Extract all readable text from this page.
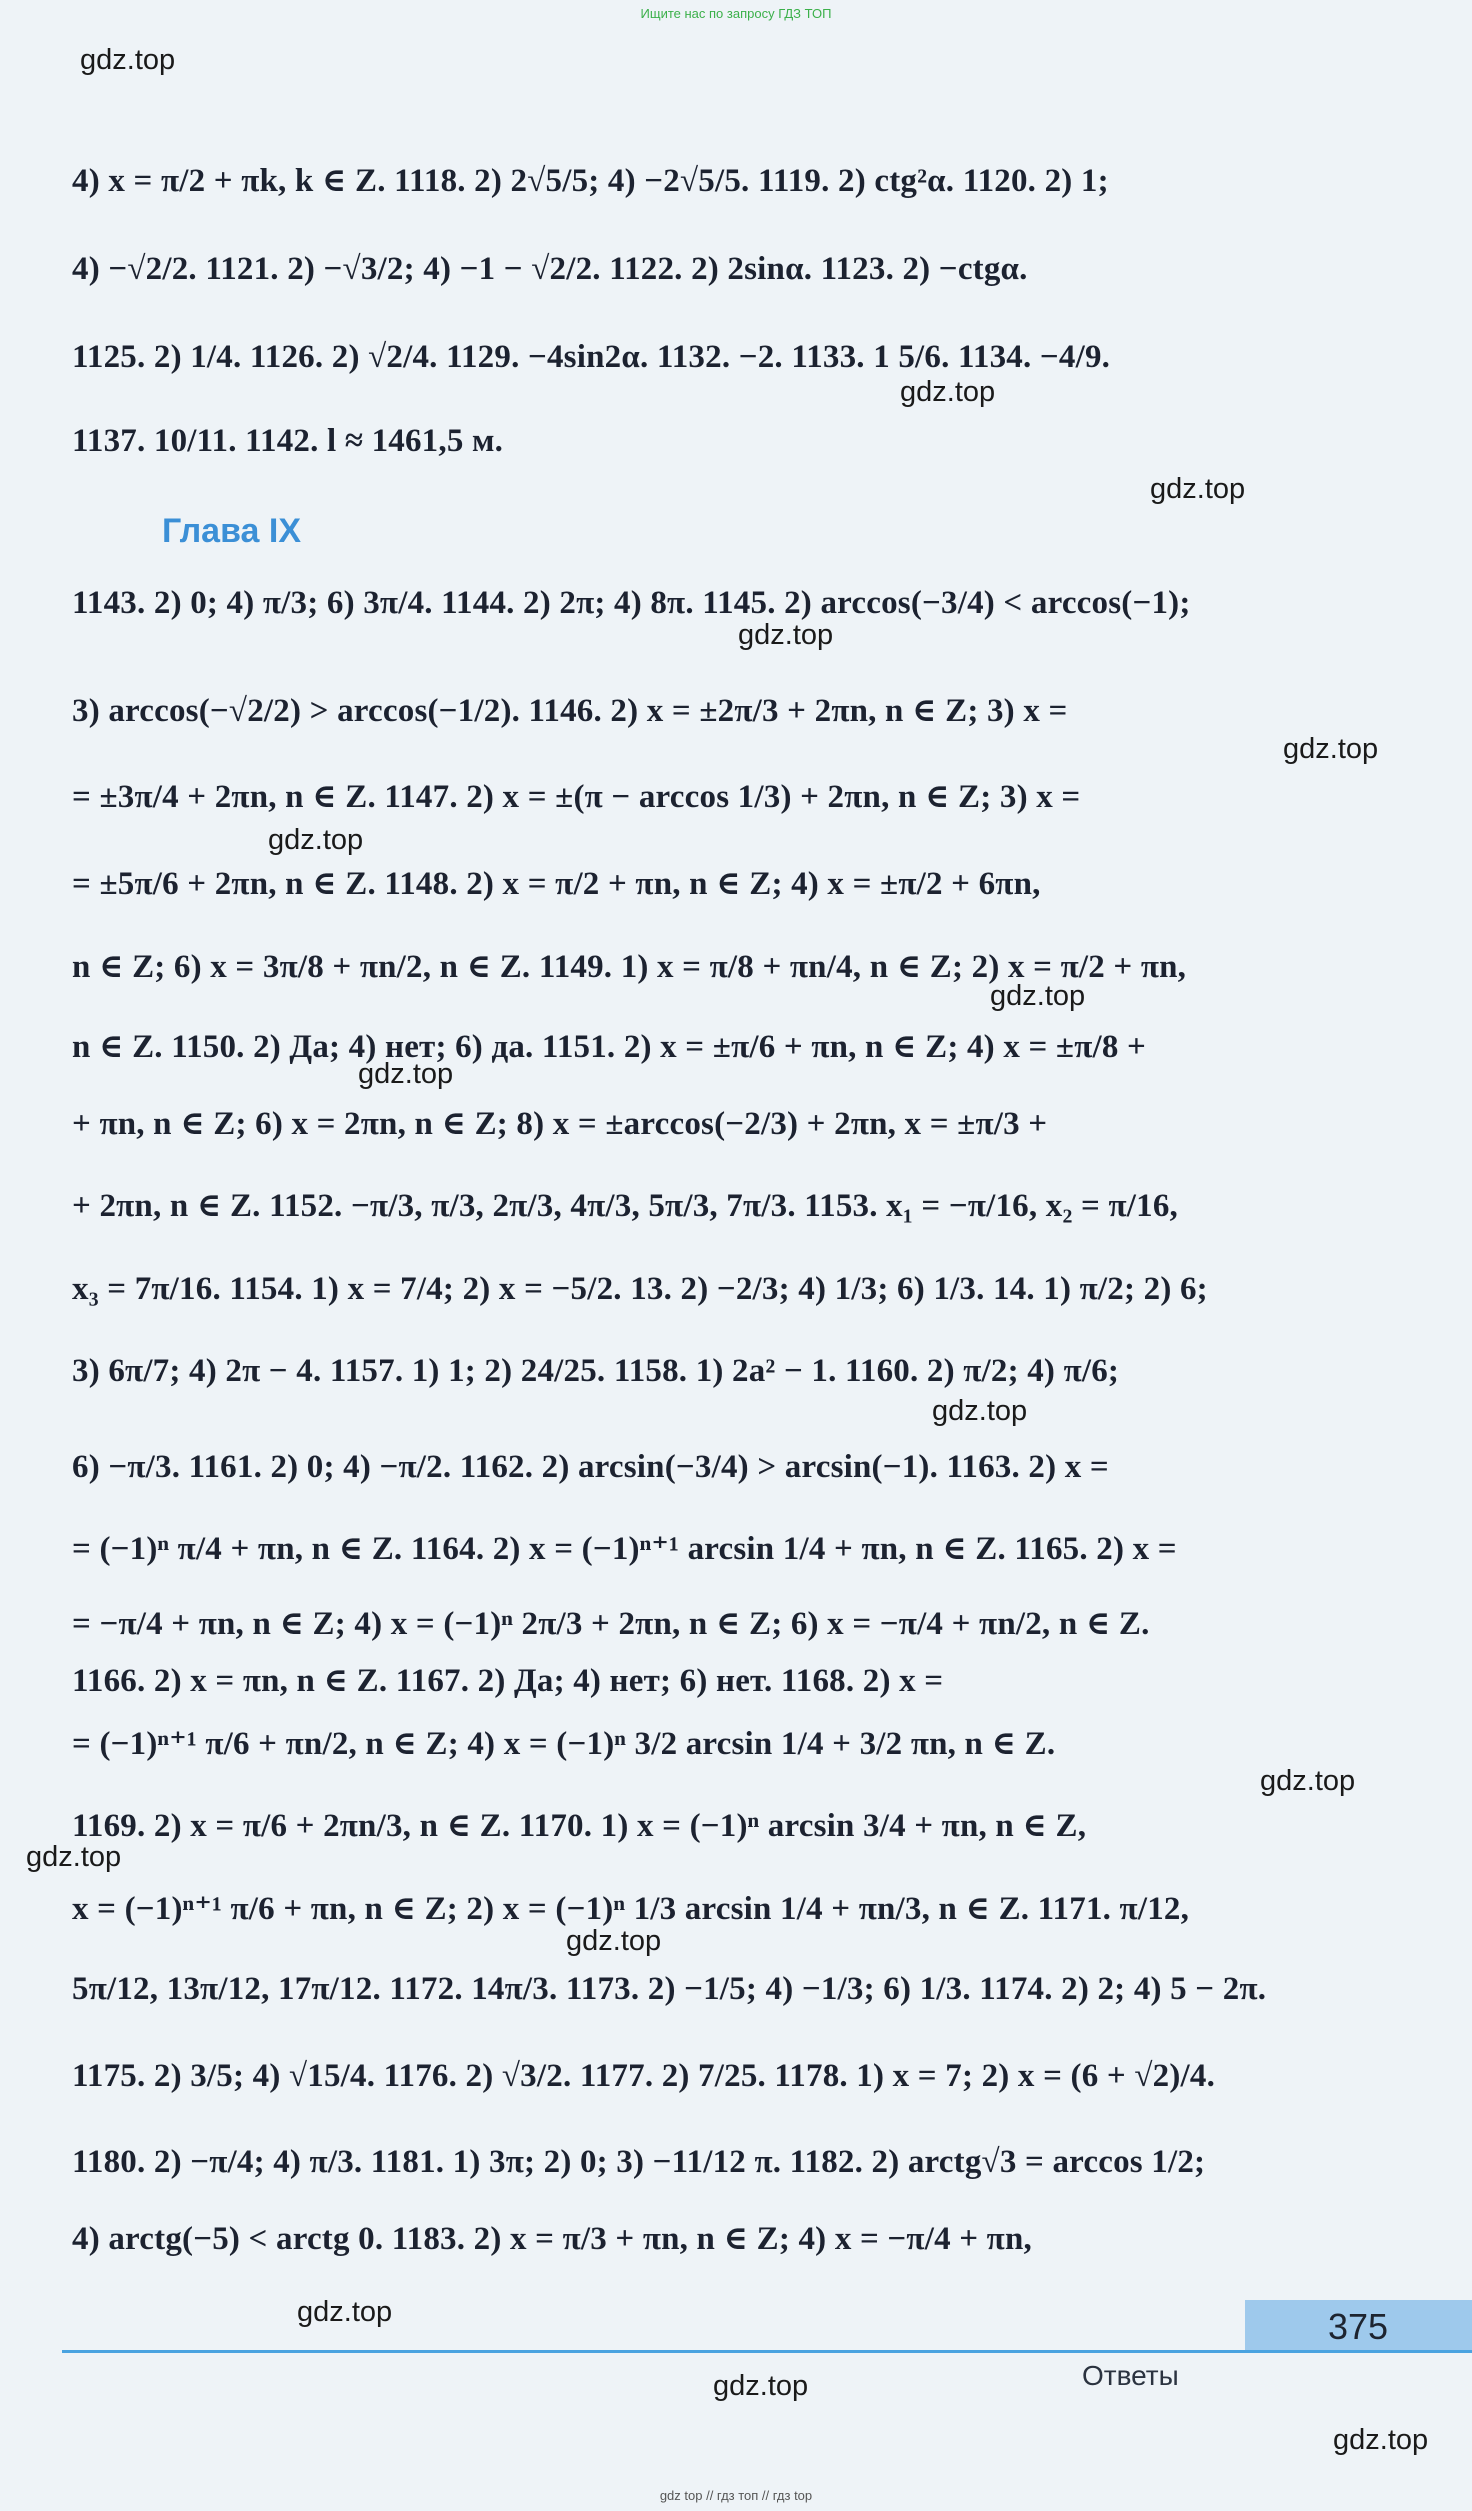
Ищите нас по запросу ГДЗ ТОП
gdz.top
gdz.top
gdz.top
gdz.top
gdz.top
gdz.top
gdz.top
gdz.top
gdz.top
gdz.top
gdz.top
gdz.top
gdz.top
gdz.top
gdz.top
Глава IX
4) x = π/2 + πk, k ∈ Z. 1118. 2) 2√5/5; 4) −2√5/5. 1119. 2) ctg²α. 1120. 2) 1;
4) −√2/2. 1121. 2) −√3/2; 4) −1 − √2/2. 1122. 2) 2sinα. 1123. 2) −ctgα.
1125. 2) 1/4. 1126. 2) √2/4. 1129. −4sin2α. 1132. −2. 1133. 1 5/6. 1134. −4/9.
1137. 10/11. 1142. l ≈ 1461,5 м.
1143. 2) 0; 4) π/3; 6) 3π/4. 1144. 2) 2π; 4) 8π. 1145. 2) arccos(−3/4) < arccos(−1);
3) arccos(−√2/2) > arccos(−1/2). 1146. 2) x = ±2π/3 + 2πn, n ∈ Z; 3) x =
= ±3π/4 + 2πn, n ∈ Z. 1147. 2) x = ±(π − arccos 1/3) + 2πn, n ∈ Z; 3) x =
= ±5π/6 + 2πn, n ∈ Z. 1148. 2) x = π/2 + πn, n ∈ Z; 4) x = ±π/2 + 6πn,
n ∈ Z; 6) x = 3π/8 + πn/2, n ∈ Z. 1149. 1) x = π/8 + πn/4, n ∈ Z; 2) x = π/2 + πn,
n ∈ Z. 1150. 2) Да; 4) нет; 6) да. 1151. 2) x = ±π/6 + πn, n ∈ Z; 4) x = ±π/8 +
+ πn, n ∈ Z; 6) x = 2πn, n ∈ Z; 8) x = ±arccos(−2/3) + 2πn, x = ±π/3 +
+ 2πn, n ∈ Z. 1152. −π/3, π/3, 2π/3, 4π/3, 5π/3, 7π/3. 1153. x₁ = −π/16, x₂ = π/16,
x₃ = 7π/16. 1154. 1) x = 7/4; 2) x = −5/2. 13. 2) −2/3; 4) 1/3; 6) 1/3. 14. 1) π/2; 2) 6;
3) 6π/7; 4) 2π − 4. 1157. 1) 1; 2) 24/25. 1158. 1) 2a² − 1. 1160. 2) π/2; 4) π/6;
6) −π/3. 1161. 2) 0; 4) −π/2. 1162. 2) arcsin(−3/4) > arcsin(−1). 1163. 2) x =
= (−1)ⁿ π/4 + πn, n ∈ Z. 1164. 2) x = (−1)ⁿ⁺¹ arcsin 1/4 + πn, n ∈ Z. 1165. 2) x =
= −π/4 + πn, n ∈ Z; 4) x = (−1)ⁿ 2π/3 + 2πn, n ∈ Z; 6) x = −π/4 + πn/2, n ∈ Z.
1166. 2) x = πn, n ∈ Z. 1167. 2) Да; 4) нет; 6) нет. 1168. 2) x =
= (−1)ⁿ⁺¹ π/6 + πn/2, n ∈ Z; 4) x = (−1)ⁿ 3/2 arcsin 1/4 + 3/2 πn, n ∈ Z.
1169. 2) x = π/6 + 2πn/3, n ∈ Z. 1170. 1) x = (−1)ⁿ arcsin 3/4 + πn, n ∈ Z,
x = (−1)ⁿ⁺¹ π/6 + πn, n ∈ Z; 2) x = (−1)ⁿ 1/3 arcsin 1/4 + πn/3, n ∈ Z. 1171. π/12,
5π/12, 13π/12, 17π/12. 1172. 14π/3. 1173. 2) −1/5; 4) −1/3; 6) 1/3. 1174. 2) 2; 4) 5 − 2π.
1175. 2) 3/5; 4) √15/4. 1176. 2) √3/2. 1177. 2) 7/25. 1178. 1) x = 7; 2) x = (6 + √2)/4.
1180. 2) −π/4; 4) π/3. 1181. 1) 3π; 2) 0; 3) −11/12 π. 1182. 2) arctg√3 = arccos 1/2;
4) arctg(−5) < arctg 0. 1183. 2) x = π/3 + πn, n ∈ Z; 4) x = −π/4 + πn,
375
Ответы
gdz top // гдз топ // гдз top
